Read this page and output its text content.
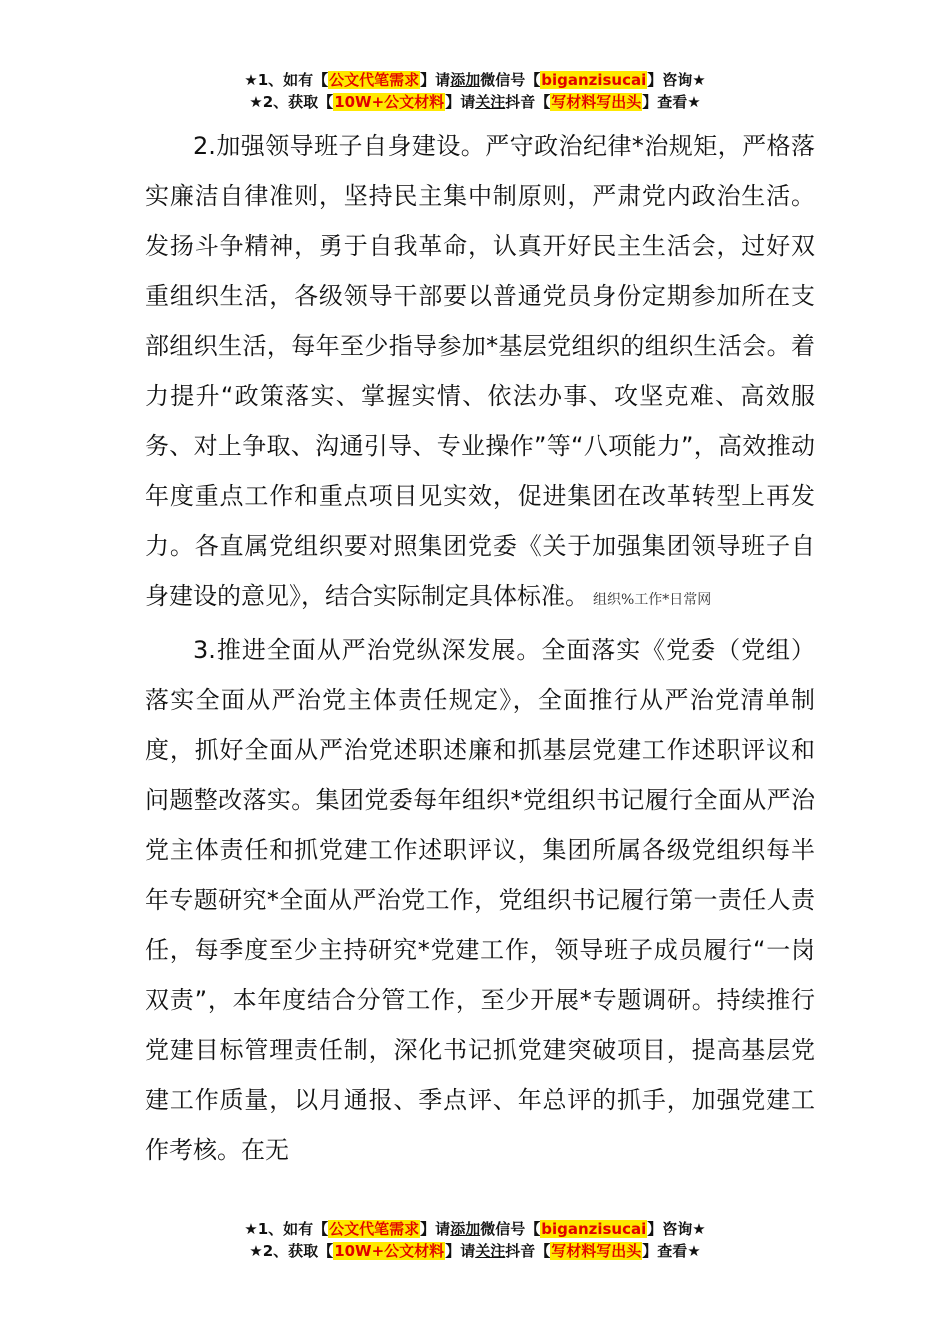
★1、如有【公文代笔需求】请添加微信号【biganzisucai】咨询★
★2、获取【10W+公文材料】请关注抖音【写材料写出头】查看★

2.加强领导班子自身建设。严守政治纪律*治规矩，严格落实廉洁自律准则，坚持民主集中制原则，严肃党内政治生活。发扬斗争精神，勇于自我革命，认真开好民主生活会，过好双重组织生活，各级领导干部要以普通党员身份定期参加所在支部组织生活，每年至少指导参加*基层党组织的组织生活会。着力提升“政策落实、掌握实情、依法办事、攻坚克难、高效服务、对上争取、沟通引导、专业操作”等“八项能力”，高效推动年度重点工作和重点项目见实效，促进集团在改革转型上再发力。各直属党组织要对照集团党委《关于加强集团领导班子自身建设的意见》，结合实际制定具体标准。 组织%工作*日常网

3.推进全面从严治党纵深发展。全面落实《党委（党组）落实全面从严治党主体责任规定》，全面推行从严治党清单制度，抓好全面从严治党述职述廉和抓基层党建工作述职评议和问题整改落实。集团党委每年组织*党组织书记履行全面从严治党主体责任和抓党建工作述职评议，集团所属各级党组织每半年专题研究*全面从严治党工作，党组织书记履行第一责任人责任，每季度至少主持研究*党建工作，领导班子成员履行“一岗双责”，本年度结合分管工作，至少开展*专题调研。持续推行党建目标管理责任制，深化书记抓党建突破项目，提高基层党建工作质量，以月通报、季点评、年总评的抓手，加强党建工作考核。在无

★1、如有【公文代笔需求】请添加微信号【biganzisucai】咨询★
★2、获取【10W+公文材料】请关注抖音【写材料写出头】查看★
